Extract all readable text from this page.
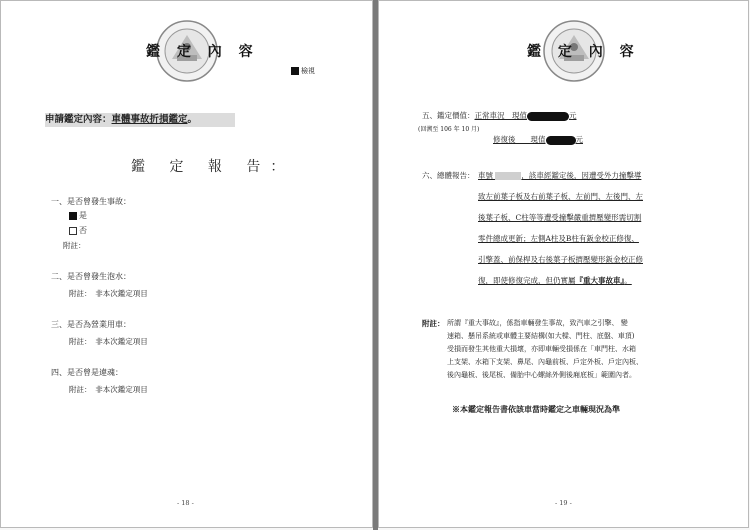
鑑 定 內 容
檢視
申請鑑定內容：車體事故折損鑑定。
鑑 定 報 告：
一、是否曾發生事故：
是
否
附註：
二、是否曾發生泡水：
附註：　非本次鑑定項目
三、是否為營業用車：
附註：　非本次鑑定項目
四、是否曾是違魂：
附註：　非本次鑑定項目
- 18 -
鑑 定 內 容
- 19 -
五、鑑定價值：正常車況　現值	元
(回溯至 106 年 10 月)
修復後　　現值	元
六、總體報告： 車號	，該車經鑑定後，因遭受外力撞擊導
致左前葉子板及右前葉子板、左前門、左後門、左
後葉子板、C柱等等遭受撞擊嚴重擠壓變形需切割
零件總成更新；左側A柱及B柱有鈑金校正修復、
引擎蓋、前保桿及右後葉子板擠壓變形鈑金校正修
復，即使修復完成，但仍實屬『重大事故車』。
附註： 所謂『重大事故』，係指車輛發生事故，致汽車之引擎、 變
速箱、懸吊系統或車體主要結構(如大樑、門柱、底盤、車頂)
受損而發生其他重大損壞，亦即車輛受損係在「車門柱、水箱
上支架、水箱下支架、鼻尾、內龜前板、戶定外板、戶定內板、
後內龜板、後尾板、備胎中心螺絲外側後廂底板」範圍內者。
※本鑑定報告書依該車當時鑑定之車輛現況為準
